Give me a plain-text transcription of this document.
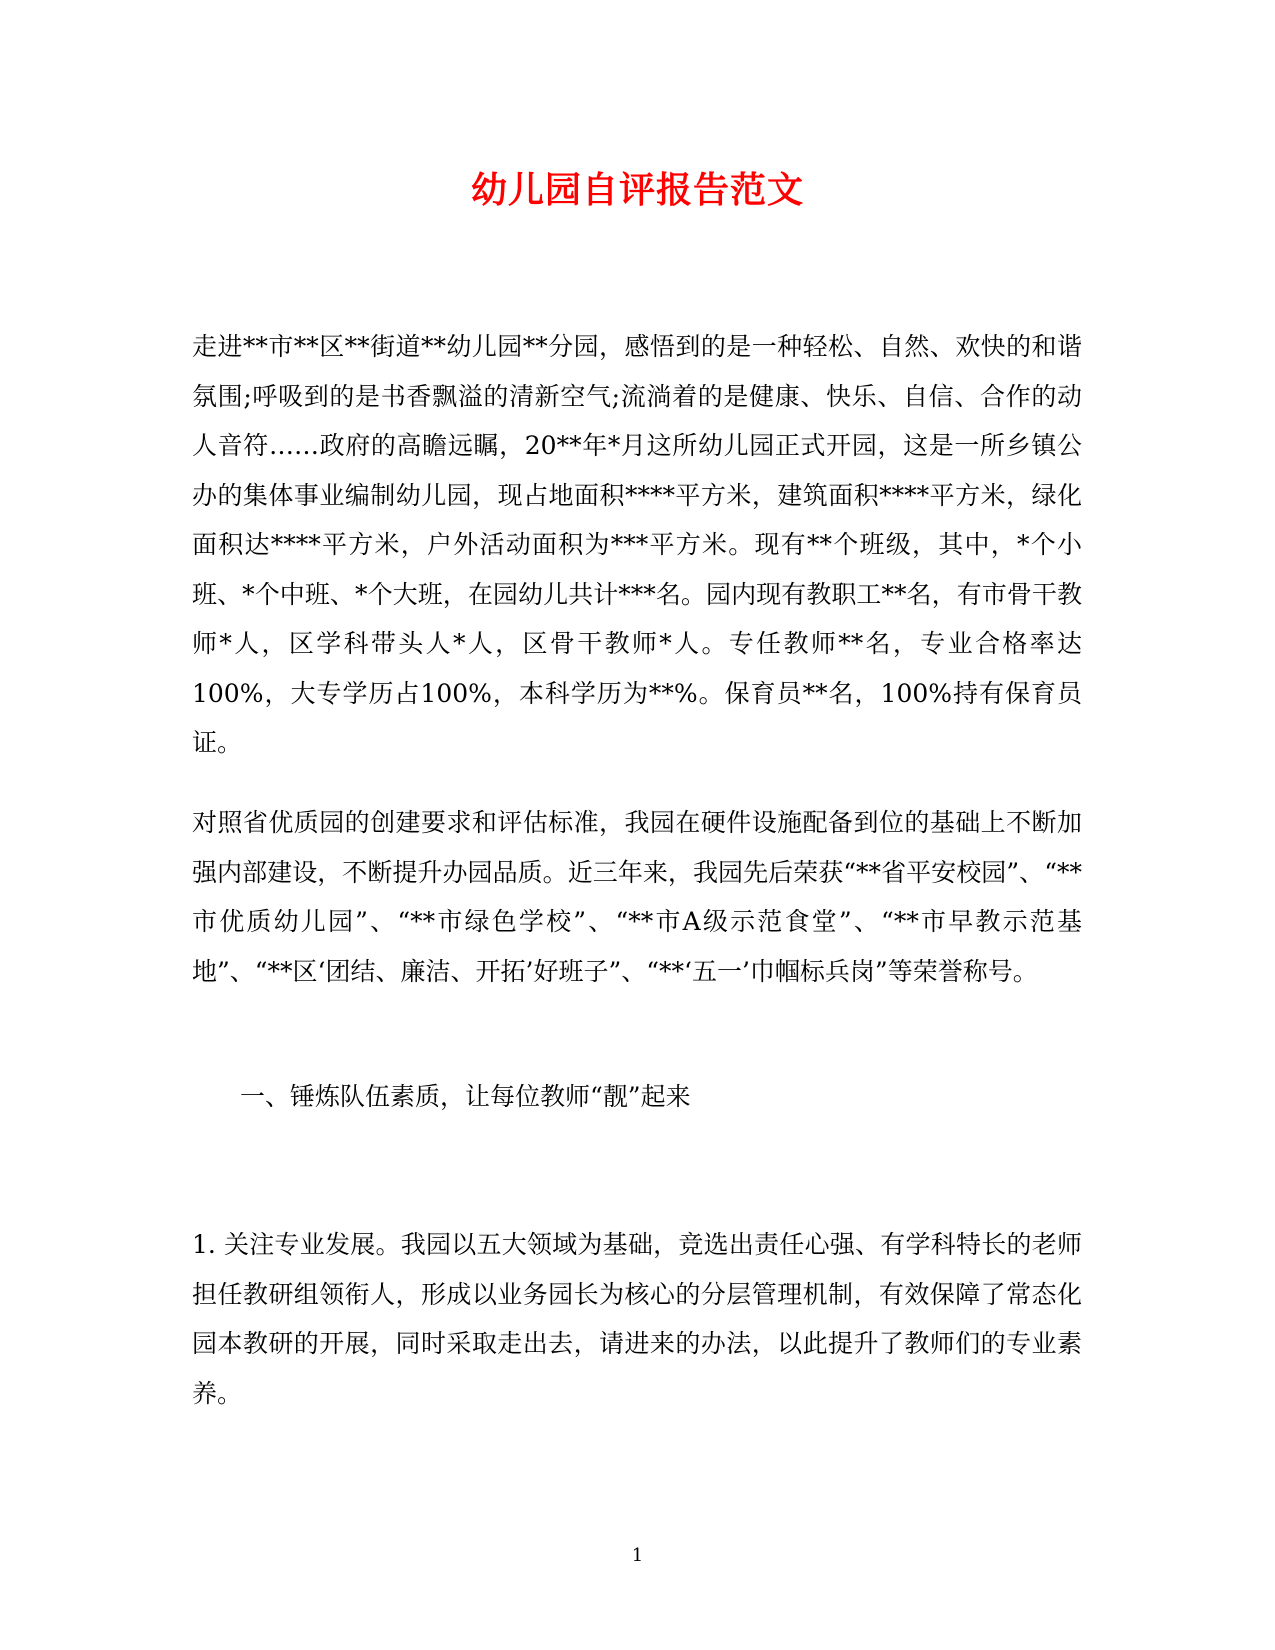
幼儿园自评报告范文

走进**市**区**街道**幼儿园**分园，感悟到的是一种轻松、自然、欢快的和谐氛围;呼吸到的是书香飘溢的清新空气;流淌着的是健康、快乐、自信、合作的动人音符……政府的高瞻远瞩，20**年*月这所幼儿园正式开园，这是一所乡镇公办的集体事业编制幼儿园，现占地面积****平方米，建筑面积****平方米，绿化面积达****平方米，户外活动面积为***平方米。现有**个班级，其中，*个小班、*个中班、*个大班，在园幼儿共计***名。园内现有教职工**名，有市骨干教师*人，区学科带头人*人，区骨干教师*人。专任教师**名，专业合格率达100%，大专学历占100%，本科学历为**%。保育员**名，100%持有保育员证。

对照省优质园的创建要求和评估标准，我园在硬件设施配备到位的基础上不断加强内部建设，不断提升办园品质。近三年来，我园先后荣获“**省平安校园”、“**市优质幼儿园”、“**市绿色学校”、“**市A级示范食堂”、“**市早教示范基地”、“**区‘团结、廉洁、开拓’好班子”、“**‘五一’巾帼标兵岗”等荣誉称号。

一、锤炼队伍素质，让每位教师“靓”起来

1. 关注专业发展。我园以五大领域为基础，竞选出责任心强、有学科特长的老师担任教研组领衔人，形成以业务园长为核心的分层管理机制，有效保障了常态化园本教研的开展，同时采取走出去，请进来的办法，以此提升了教师们的专业素养。

1
